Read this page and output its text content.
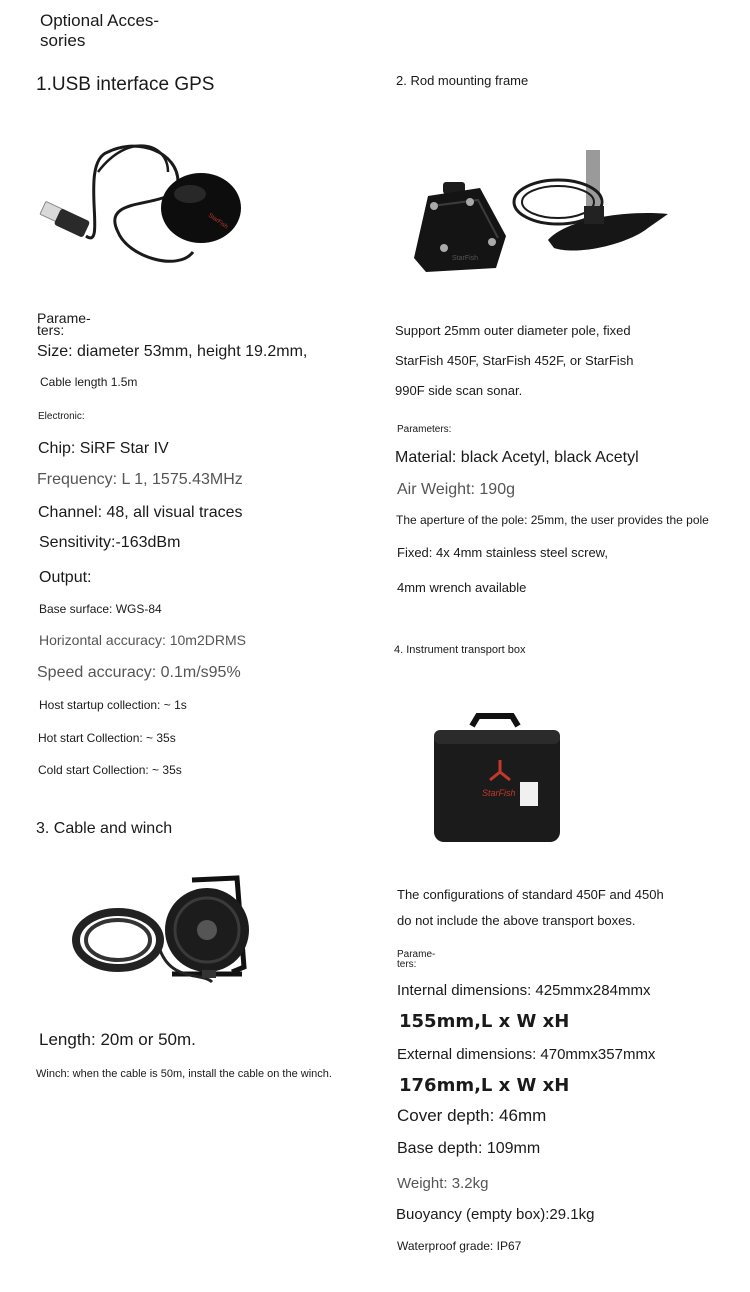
Optional Acces-
sories
1.USB interface GPS
StarFish
Parame-
ters:
Size: diameter 53mm, height 19.2mm,
Cable length 1.5m
Electronic:
Chip: SiRF Star IV
Frequency: L 1, 1575.43MHz
Channel: 48, all visual traces
Sensitivity:-163dBm
Output:
Base surface: WGS-84
Horizontal accuracy: 10m2DRMS
Speed accuracy: 0.1m/s95%
Host startup collection: ~ 1s
Hot start Collection: ~ 35s
Cold start Collection: ~ 35s
2. Rod mounting frame
StarFish
Support 25mm outer diameter pole, fixed
StarFish 450F, StarFish 452F, or StarFish
990F side scan sonar.
Parameters:
Material: black Acetyl, black Acetyl
Air Weight: 190g
The aperture of the pole: 25mm, the user provides the pole
Fixed: 4x 4mm stainless steel screw,
4mm wrench available
3. Cable and winch
Length: 20m or 50m.
Winch: when the cable is 50m, install the cable on the winch.
4. Instrument transport box
StarFish
The configurations of standard 450F and 450h
do not include the above transport boxes.
Parame-
ters:
Internal dimensions: 425mmx284mmx
155mm,L x W xH
External dimensions: 470mmx357mmx
176mm,L x W xH
Cover depth: 46mm
Base depth: 109mm
Weight: 3.2kg
Buoyancy (empty box):29.1kg
Waterproof grade: IP67
